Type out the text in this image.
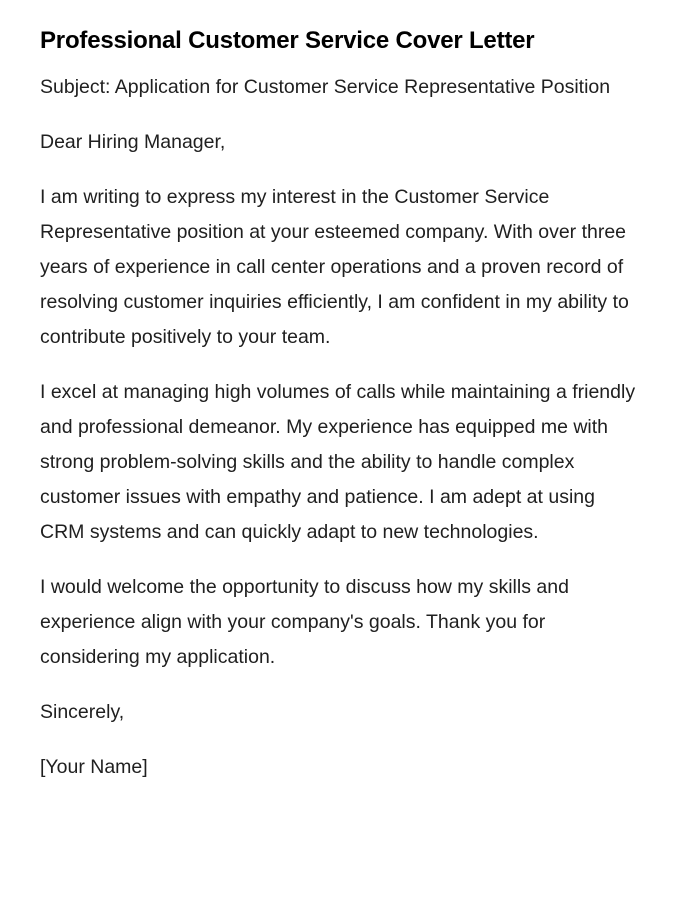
Professional Customer Service Cover Letter

Subject: Application for Customer Service Representative Position

Dear Hiring Manager,

I am writing to express my interest in the Customer Service Representative position at your esteemed company. With over three years of experience in call center operations and a proven record of resolving customer inquiries efficiently, I am confident in my ability to contribute positively to your team.

I excel at managing high volumes of calls while maintaining a friendly and professional demeanor. My experience has equipped me with strong problem-solving skills and the ability to handle complex customer issues with empathy and patience. I am adept at using CRM systems and can quickly adapt to new technologies.

I would welcome the opportunity to discuss how my skills and experience align with your company's goals. Thank you for considering my application.

Sincerely,

[Your Name]
